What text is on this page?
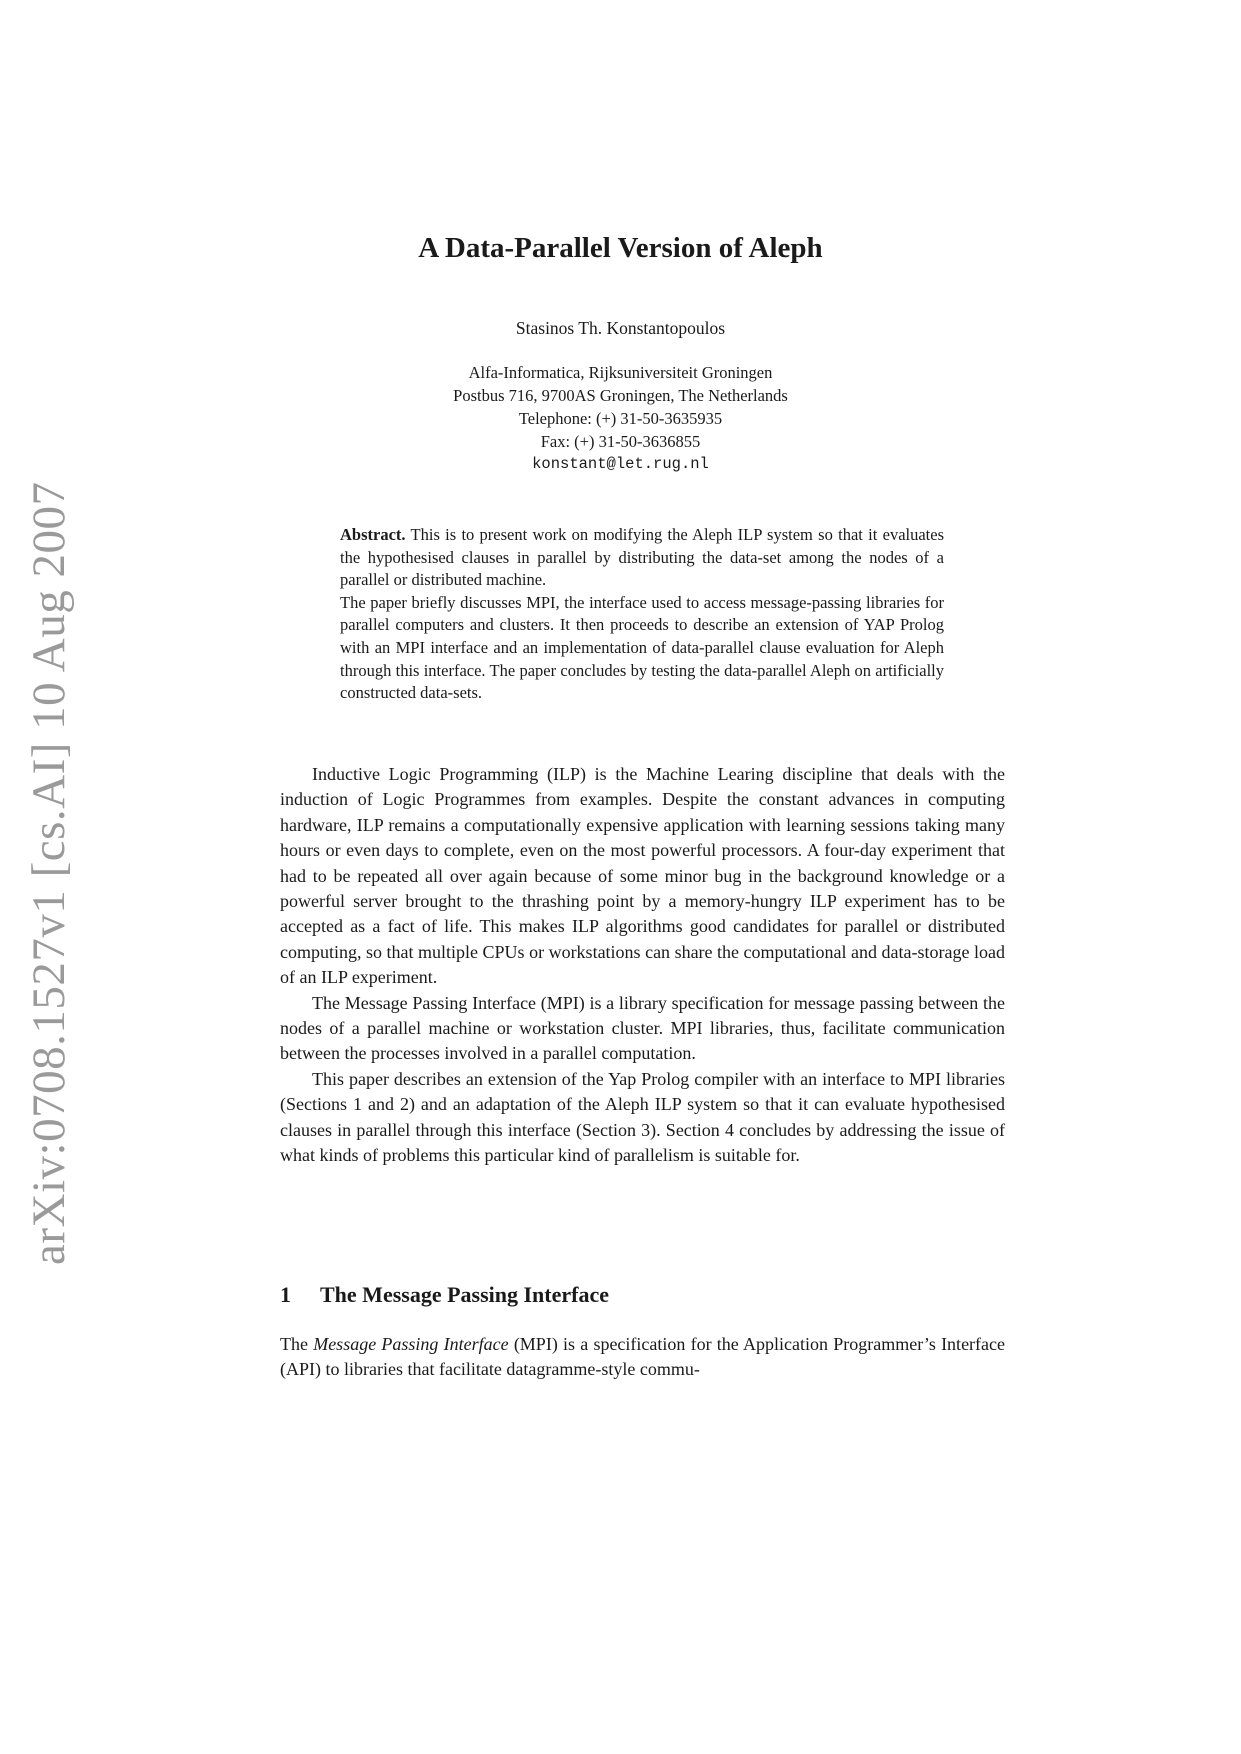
arXiv:0708.1527v1 [cs.AI] 10 Aug 2007
A Data-Parallel Version of Aleph
Stasinos Th. Konstantopoulos
Alfa-Informatica, Rijksuniversiteit Groningen
Postbus 716, 9700AS Groningen, The Netherlands
Telephone: (+) 31-50-3635935
Fax: (+) 31-50-3636855
konstant@let.rug.nl

Abstract. This is to present work on modifying the Aleph ILP system so that it evaluates the hypothesised clauses in parallel by distributing the data-set among the nodes of a parallel or distributed machine.

The paper briefly discusses MPI, the interface used to access message-passing libraries for parallel computers and clusters. It then proceeds to describe an extension of YAP Prolog with an MPI interface and an implementation of data-parallel clause evaluation for Aleph through this interface. The paper concludes by testing the data-parallel Aleph on artificially constructed data-sets.

Inductive Logic Programming (ILP) is the Machine Learing discipline that deals with the induction of Logic Programmes from examples. Despite the constant advances in computing hardware, ILP remains a computationally expensive application with learning sessions taking many hours or even days to complete, even on the most powerful processors. A four-day experiment that had to be repeated all over again because of some minor bug in the background knowledge or a powerful server brought to the thrashing point by a memory-hungry ILP experiment has to be accepted as a fact of life. This makes ILP algorithms good candidates for parallel or distributed computing, so that multiple CPUs or workstations can share the computational and data-storage load of an ILP experiment.

The Message Passing Interface (MPI) is a library specification for message passing between the nodes of a parallel machine or workstation cluster. MPI libraries, thus, facilitate communication between the processes involved in a parallel computation.

This paper describes an extension of the Yap Prolog compiler with an interface to MPI libraries (Sections 1 and 2) and an adaptation of the Aleph ILP system so that it can evaluate hypothesised clauses in parallel through this interface (Section 3). Section 4 concludes by addressing the issue of what kinds of problems this particular kind of parallelism is suitable for.

1 The Message Passing Interface

The Message Passing Interface (MPI) is a specification for the Application Programmer’s Interface (API) to libraries that facilitate datagramme-style commu-
